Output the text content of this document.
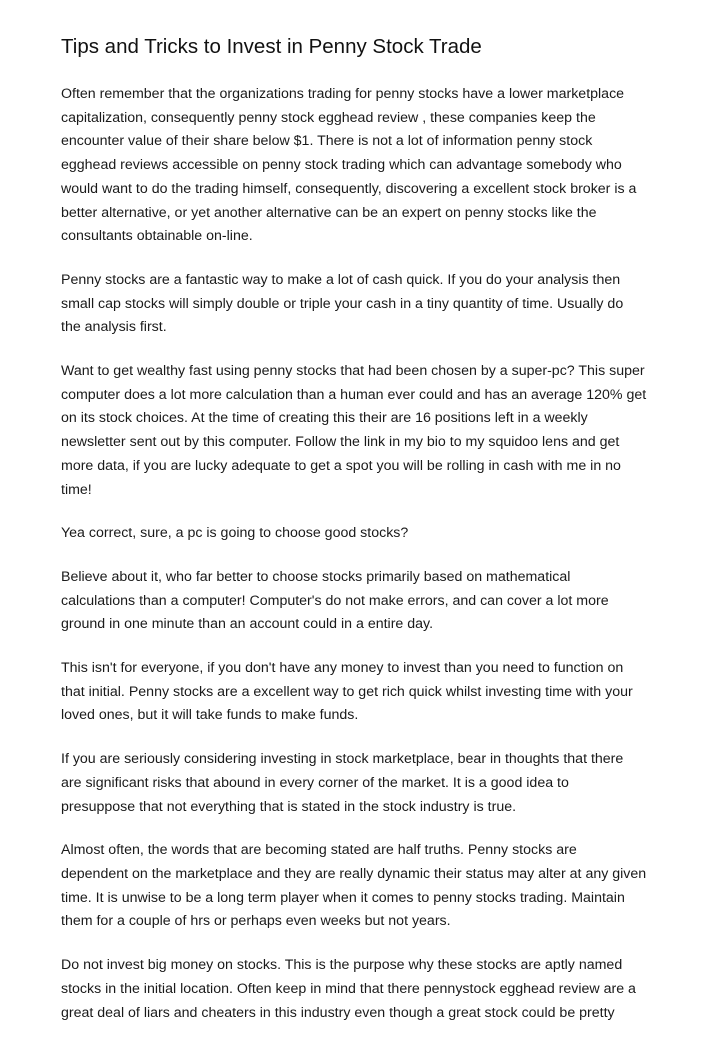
Tips and Tricks to Invest in Penny Stock Trade

Often remember that the organizations trading for penny stocks have a lower marketplace
capitalization, consequently penny stock egghead review , these companies keep the
encounter value of their share below $1. There is not a lot of information penny stock
egghead reviews accessible on penny stock trading which can advantage somebody who
would want to do the trading himself, consequently, discovering a excellent stock broker is a
better alternative, or yet another alternative can be an expert on penny stocks like the
consultants obtainable on-line.

Penny stocks are a fantastic way to make a lot of cash quick. If you do your analysis then
small cap stocks will simply double or triple your cash in a tiny quantity of time. Usually do
the analysis first.

Want to get wealthy fast using penny stocks that had been chosen by a super-pc? This super
computer does a lot more calculation than a human ever could and has an average 120% get
on its stock choices. At the time of creating this their are 16 positions left in a weekly
newsletter sent out by this computer. Follow the link in my bio to my squidoo lens and get
more data, if you are lucky adequate to get a spot you will be rolling in cash with me in no
time!

Yea correct, sure, a pc is going to choose good stocks?

Believe about it, who far better to choose stocks primarily based on mathematical
calculations than a computer! Computer's do not make errors, and can cover a lot more
ground in one minute than an account could in a entire day.

This isn't for everyone, if you don't have any money to invest than you need to function on
that initial. Penny stocks are a excellent way to get rich quick whilst investing time with your
loved ones, but it will take funds to make funds.

If you are seriously considering investing in stock marketplace, bear in thoughts that there
are significant risks that abound in every corner of the market. It is a good idea to
presuppose that not everything that is stated in the stock industry is true.

Almost often, the words that are becoming stated are half truths. Penny stocks are
dependent on the marketplace and they are really dynamic their status may alter at any given
time. It is unwise to be a long term player when it comes to penny stocks trading. Maintain
them for a couple of hrs or perhaps even weeks but not years.

Do not invest big money on stocks. This is the purpose why these stocks are aptly named
stocks in the initial location. Often keep in mind that there pennystock egghead review are a
great deal of liars and cheaters in this industry even though a great stock could be pretty
